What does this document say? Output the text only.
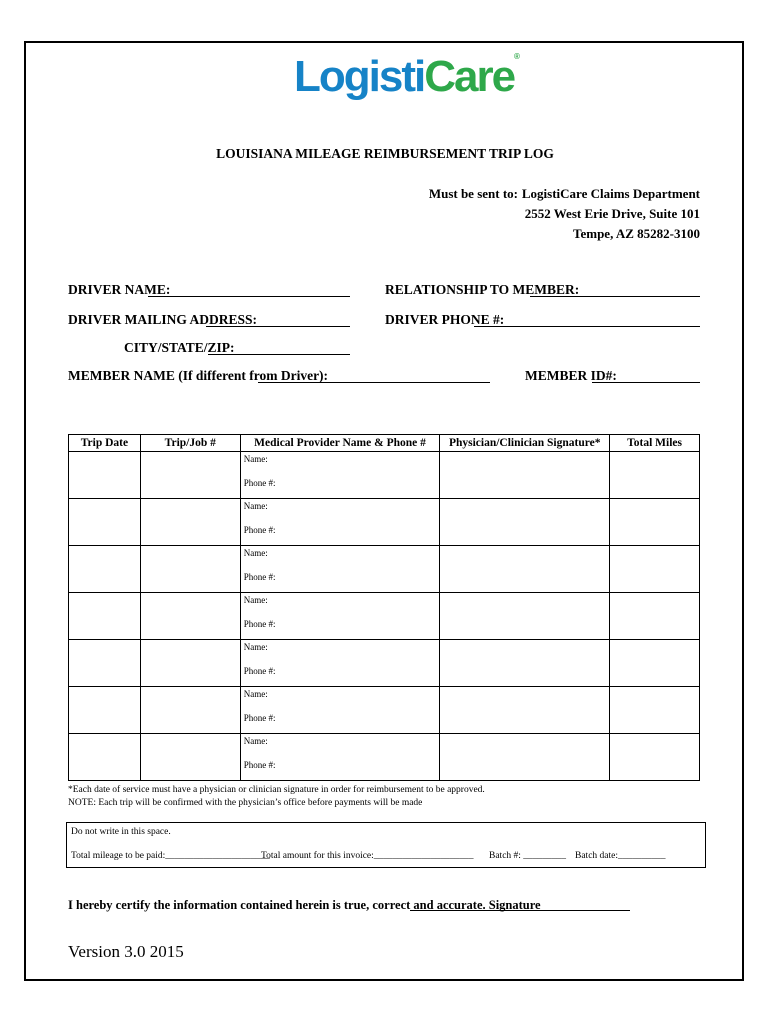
LogistiCare®
LOUISIANA MILEAGE REIMBURSEMENT TRIP LOG
Must be sent to: LogistiCare Claims Department
2552 West Erie Drive, Suite 101
Tempe, AZ 85282-3100
DRIVER NAME:	RELATIONSHIP TO MEMBER:
DRIVER MAILING ADDRESS:	DRIVER PHONE #:
CITY/STATE/ZIP:
MEMBER NAME (If different from Driver):	MEMBER ID#:
Trip Date	Trip/Job #	Medical Provider Name & Phone #	Physician/Clinician Signature*	Total Miles

		Name:
Phone #:		

		Name:
Phone #:		

		Name:
Phone #:		

		Name:
Phone #:		

		Name:
Phone #:		

		Name:
Phone #:		

		Name:
Phone #:		

*Each date of service must have a physician or clinician signature in order for reimbursement to be approved.
NOTE: Each trip will be confirmed with the physician’s office before payments will be made
Do not write in this space.
Total mileage to be paid:______________________
Total amount for this invoice:_____________________ Batch #: _________ Batch date:__________
I hereby certify the information contained herein is true, correct and accurate. Signature
Version 3.0 2015
